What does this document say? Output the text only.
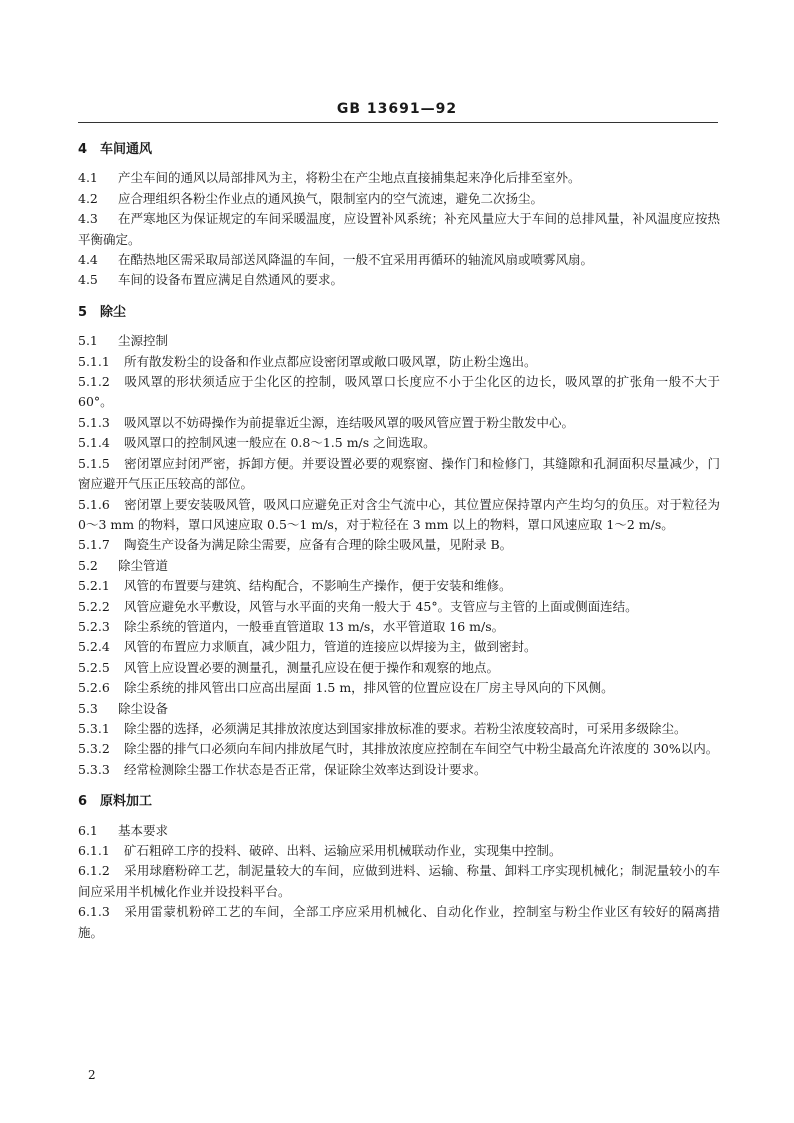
GB 13691—92

4 车间通风

4.1 产尘车间的通风以局部排风为主，将粉尘在产尘地点直接捕集起来净化后排至室外。

4.2 应合理组织各粉尘作业点的通风换气，限制室内的空气流速，避免二次扬尘。

4.3 在严寒地区为保证规定的车间采暖温度，应设置补风系统；补充风量应大于车间的总排风量，补风温度应按热平衡确定。

4.4 在酷热地区需采取局部送风降温的车间，一般不宜采用再循环的轴流风扇或喷雾风扇。

4.5 车间的设备布置应满足自然通风的要求。

5 除尘

5.1 尘源控制

5.1.1 所有散发粉尘的设备和作业点都应设密闭罩或敞口吸风罩，防止粉尘逸出。

5.1.2 吸风罩的形状须适应于尘化区的控制，吸风罩口长度应不小于尘化区的边长，吸风罩的扩张角一般不大于 60°。

5.1.3 吸风罩以不妨碍操作为前提靠近尘源，连结吸风罩的吸风管应置于粉尘散发中心。

5.1.4 吸风罩口的控制风速一般应在 0.8～1.5 m/s 之间选取。

5.1.5 密闭罩应封闭严密，拆卸方便。并要设置必要的观察窗、操作门和检修门，其缝隙和孔洞面积尽量减少，门窗应避开气压正压较高的部位。

5.1.6 密闭罩上要安装吸风管，吸风口应避免正对含尘气流中心，其位置应保持罩内产生均匀的负压。对于粒径为 0～3 mm 的物料，罩口风速应取 0.5～1 m/s，对于粒径在 3 mm 以上的物料，罩口风速应取 1～2 m/s。

5.1.7 陶瓷生产设备为满足除尘需要，应备有合理的除尘吸风量，见附录 B。

5.2 除尘管道

5.2.1 风管的布置要与建筑、结构配合，不影响生产操作，便于安装和维修。

5.2.2 风管应避免水平敷设，风管与水平面的夹角一般大于 45°。支管应与主管的上面或侧面连结。

5.2.3 除尘系统的管道内，一般垂直管道取 13 m/s，水平管道取 16 m/s。

5.2.4 风管的布置应力求顺直，减少阻力，管道的连接应以焊接为主，做到密封。

5.2.5 风管上应设置必要的测量孔，测量孔应设在便于操作和观察的地点。

5.2.6 除尘系统的排风管出口应高出屋面 1.5 m，排风管的位置应设在厂房主导风向的下风侧。

5.3 除尘设备

5.3.1 除尘器的选择，必须满足其排放浓度达到国家排放标准的要求。若粉尘浓度较高时，可采用多级除尘。

5.3.2 除尘器的排气口必须向车间内排放尾气时，其排放浓度应控制在车间空气中粉尘最高允许浓度的 30%以内。

5.3.3 经常检测除尘器工作状态是否正常，保证除尘效率达到设计要求。

6 原料加工

6.1 基本要求

6.1.1 矿石粗碎工序的投料、破碎、出料、运输应采用机械联动作业，实现集中控制。

6.1.2 采用球磨粉碎工艺，制泥量较大的车间，应做到进料、运输、称量、卸料工序实现机械化；制泥量较小的车间应采用半机械化作业并设投料平台。

6.1.3 采用雷蒙机粉碎工艺的车间，全部工序应采用机械化、自动化作业，控制室与粉尘作业区有较好的隔离措施。

2
